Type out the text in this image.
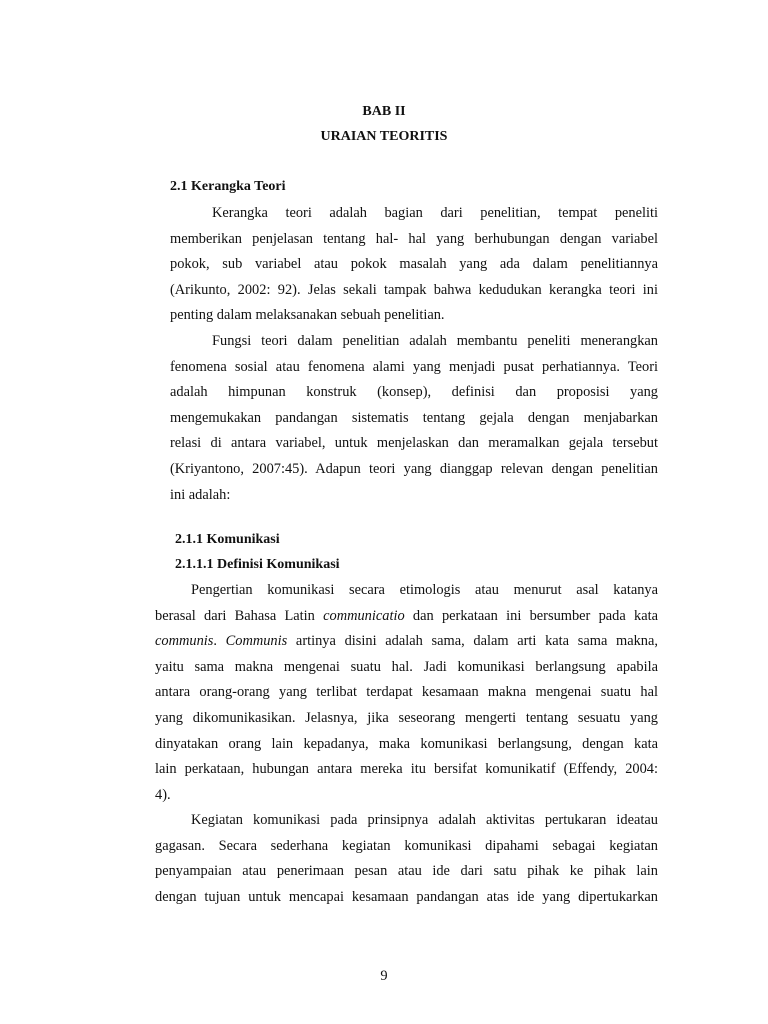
BAB II
URAIAN TEORITIS
2.1 Kerangka Teori
Kerangka teori adalah bagian dari penelitian, tempat peneliti
memberikan penjelasan tentang hal- hal yang berhubungan dengan variabel
pokok, sub variabel atau pokok masalah yang ada dalam penelitiannya
(Arikunto, 2002: 92). Jelas sekali tampak bahwa kedudukan kerangka teori ini
penting dalam melaksanakan sebuah penelitian.
Fungsi teori dalam penelitian adalah membantu peneliti menerangkan
fenomena sosial atau fenomena alami yang menjadi pusat perhatiannya. Teori
adalah himpunan konstruk (konsep), definisi dan proposisi yang
mengemukakan pandangan sistematis tentang gejala dengan menjabarkan
relasi di antara variabel, untuk menjelaskan dan meramalkan gejala tersebut
(Kriyantono, 2007:45). Adapun teori yang dianggap relevan dengan penelitian
ini adalah:
2.1.1 Komunikasi
2.1.1.1 Definisi Komunikasi
Pengertian komunikasi secara etimologis atau menurut asal katanya
berasal dari Bahasa Latin communicatio dan perkataan ini bersumber pada kata
communis. Communis artinya disini adalah sama, dalam arti kata sama makna,
yaitu sama makna mengenai suatu hal. Jadi komunikasi berlangsung apabila
antara orang-orang yang terlibat terdapat kesamaan makna mengenai suatu hal
yang dikomunikasikan. Jelasnya, jika seseorang mengerti tentang sesuatu yang
dinyatakan orang lain kepadanya, maka komunikasi berlangsung, dengan kata
lain perkataan, hubungan antara mereka itu bersifat komunikatif (Effendy, 2004:
4).
Kegiatan komunikasi pada prinsipnya adalah aktivitas pertukaran ideatau
gagasan. Secara sederhana kegiatan komunikasi dipahami sebagai kegiatan
penyampaian atau penerimaan pesan atau ide dari satu pihak ke pihak lain
dengan tujuan untuk mencapai kesamaan pandangan atas ide yang dipertukarkan
9
